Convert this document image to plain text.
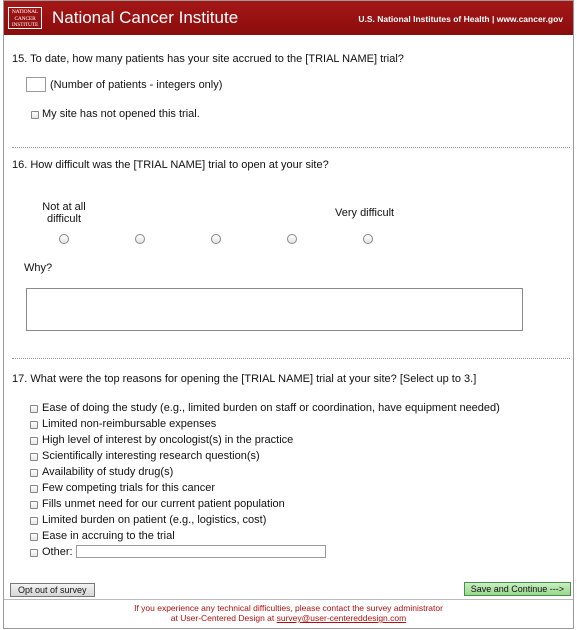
NATIONAL
CANCER
INSTITUTE National Cancer Institute	U.S. National Institutes of Health | www.cancer.gov
15. To date, how many patients has your site accrued to the [TRIAL NAME] trial?
(Number of patients - integers only)
My site has not opened this trial.
16. How difficult was the [TRIAL NAME] trial to open at your site?
Not at all
difficult	Very difficult
Why?
17. What were the top reasons for opening the [TRIAL NAME] trial at your site? [Select up to 3.]
Ease of doing the study (e.g., limited burden on staff or coordination, have equipment needed)
Limited non-reimbursable expenses
High level of interest by oncologist(s) in the practice
Scientifically interesting research question(s)
Availability of study drug(s)
Few competing trials for this cancer
Fills unmet need for our current patient population
Limited burden on patient (e.g., logistics, cost)
Ease in accruing to the trial
Other:
Opt out of survey	Save and Continue --->
If you experience any technical difficulties, please contact the survey administrator
at User-Centered Design at survey@user-centereddesign.com
